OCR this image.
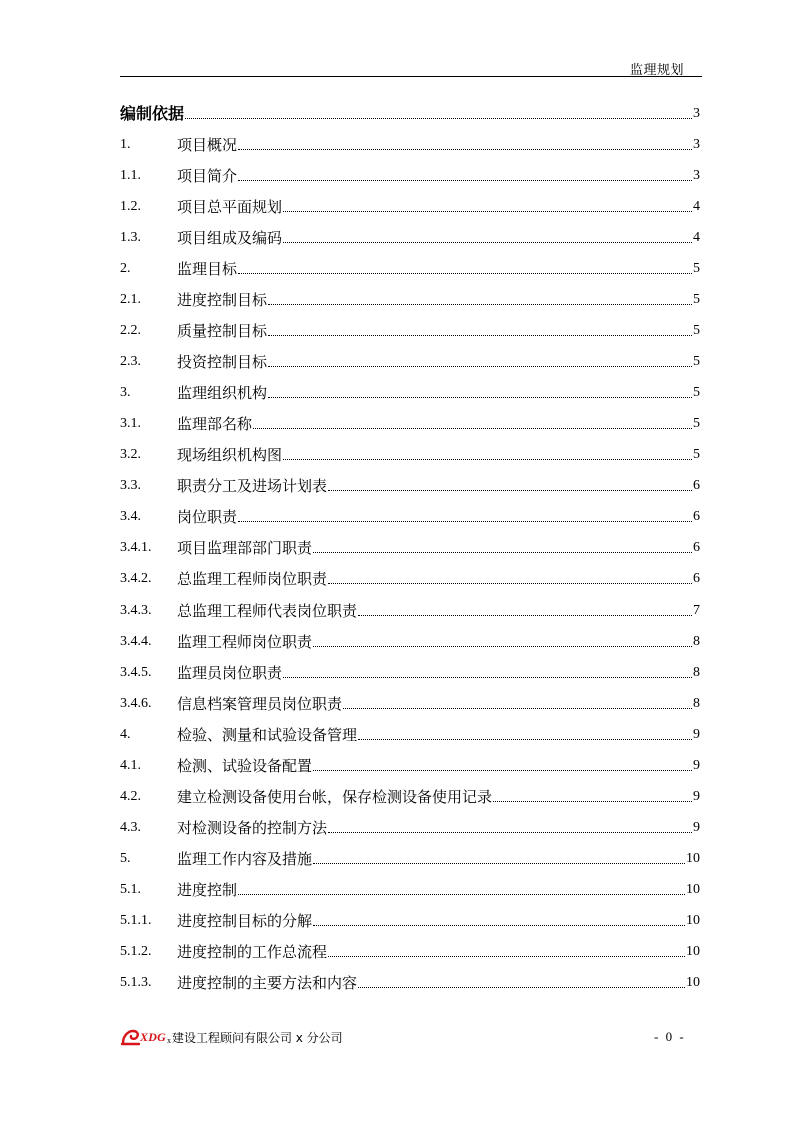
监理规划
编制依据	3
1.	项目概况	3
1.1.	项目简介	3
1.2.	项目总平面规划	4
1.3.	项目组成及编码	4
2.	监理目标	5
2.1.	进度控制目标	5
2.2.	质量控制目标	5
2.3.	投资控制目标	5
3.	监理组织机构	5
3.1.	监理部名称	5
3.2.	现场组织机构图	5
3.3.	职责分工及进场计划表	6
3.4.	岗位职责	6
3.4.1.	项目监理部部门职责	6
3.4.2.	总监理工程师岗位职责	6
3.4.3.	总监理工程师代表岗位职责	7
3.4.4.	监理工程师岗位职责	8
3.4.5.	监理员岗位职责	8
3.4.6.	信息档案管理员岗位职责	8
4.	检验、测量和试验设备管理	9
4.1.	检测、试验设备配置	9
4.2.	建立检测设备使用台帐，保存检测设备使用记录	9
4.3.	对检测设备的控制方法	9
5.	监理工作内容及措施	10
5.1.	进度控制	10
5.1.1.	进度控制目标的分解	10
5.1.2.	进度控制的工作总流程	10
5.1.3.	进度控制的主要方法和内容	10
XDG x 建设工程顾问有限公司 x 分公司	- 0 -
